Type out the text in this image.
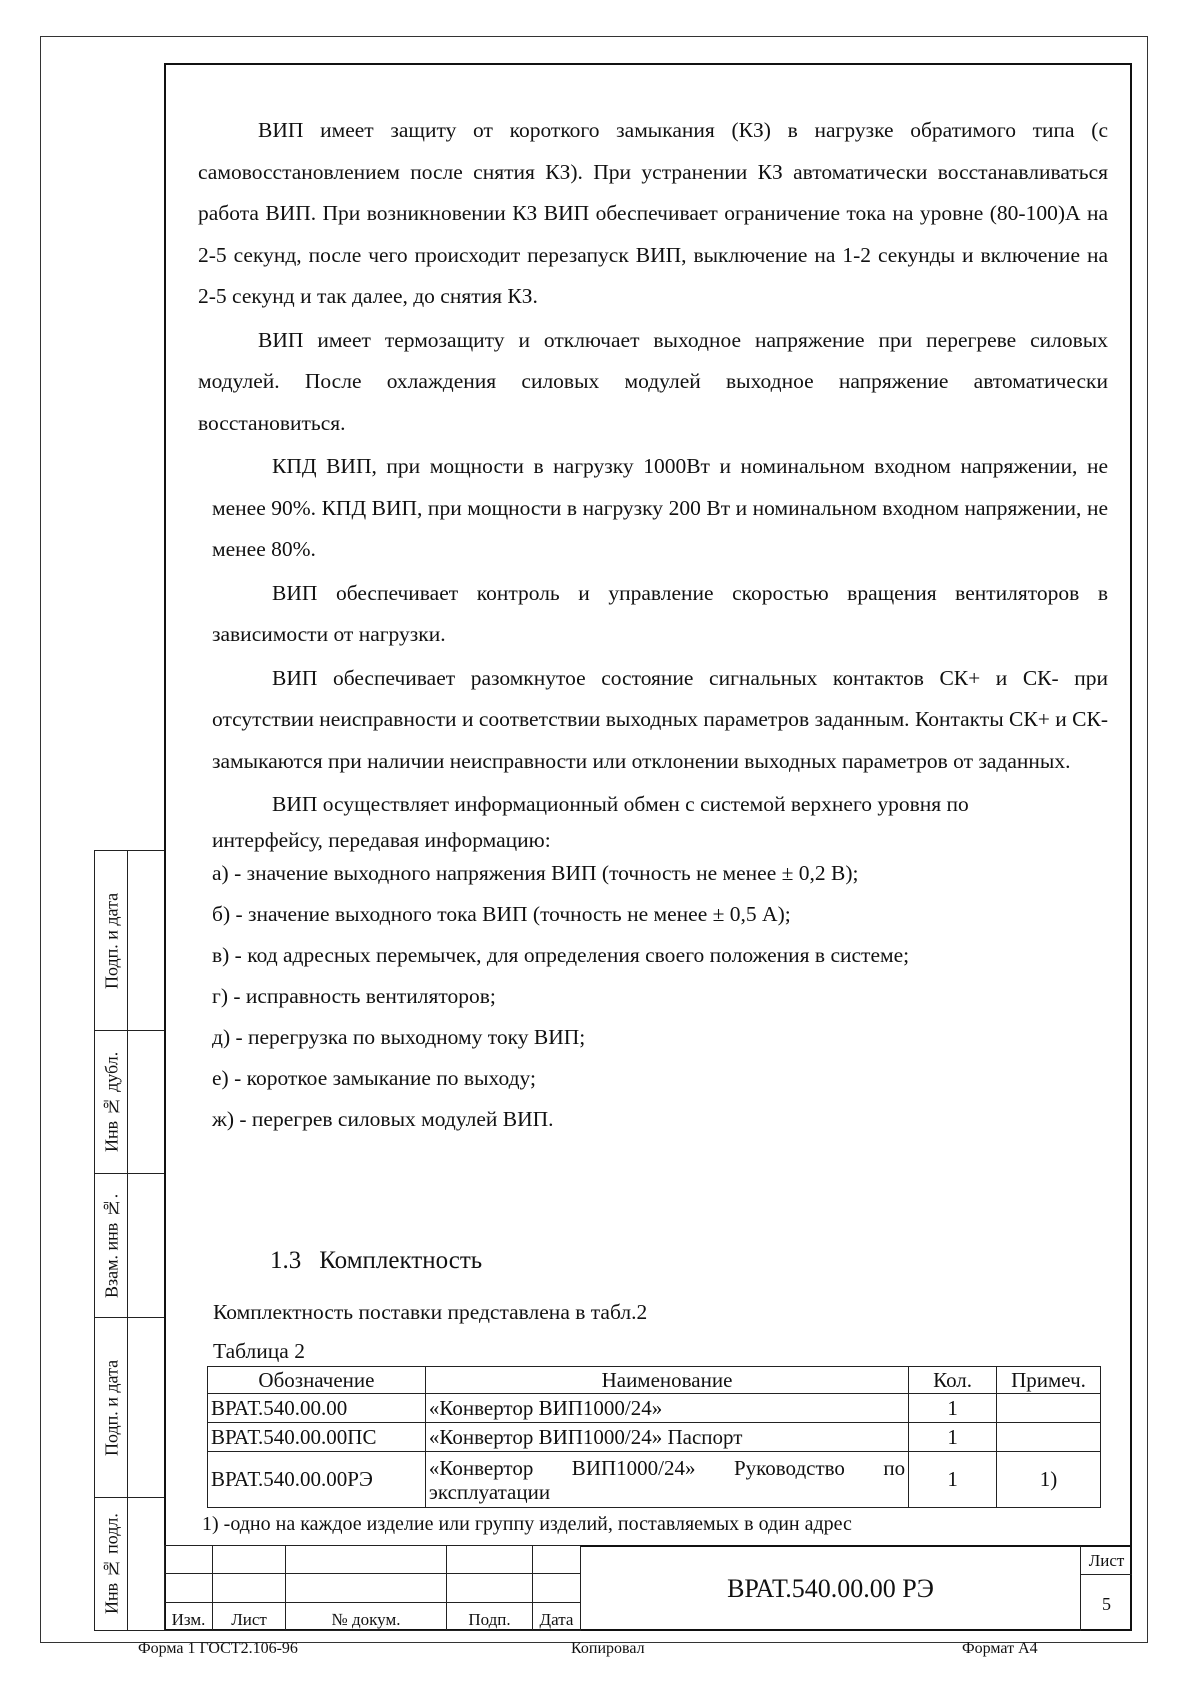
ВИП имеет защиту от короткого замыкания (КЗ) в нагрузке обратимого типа (с самовосстановлением после снятия КЗ). При устранении КЗ автоматически восстанавливаться работа ВИП. При возникновении КЗ ВИП обеспечивает ограничение тока на уровне (80-100)А на 2-5 секунд, после чего происходит перезапуск ВИП, выключение на 1-2 секунды и включение на 2-5 секунд и так далее, до снятия КЗ.

ВИП имеет термозащиту и отключает выходное напряжение при перегреве силовых модулей. После охлаждения силовых модулей выходное напряжение автоматически восстановиться.

КПД ВИП, при мощности в нагрузку 1000Вт и номинальном входном напряжении, не менее 90%. КПД ВИП, при мощности в нагрузку 200 Вт и номинальном входном напряжении, не менее 80%.

ВИП обеспечивает контроль и управление скоростью вращения вентиляторов в зависимости от нагрузки.

ВИП обеспечивает разомкнутое состояние сигнальных контактов СК+ и СК- при отсутствии неисправности и соответствии выходных параметров заданным. Контакты СК+ и СК- замыкаются при наличии неисправности или отклонении выходных параметров от заданных.

ВИП осуществляет информационный обмен с системой верхнего уровня по

интерфейсу, передавая информацию:
а) - значение выходного напряжения ВИП (точность не менее ± 0,2 В);
б) - значение выходного тока ВИП (точность не менее ± 0,5 А);
в) - код адресных перемычек, для определения своего положения в системе;
г) - исправность вентиляторов;
д) - перегрузка по выходному току ВИП;
е) - короткое замыкание по выходу;
ж) - перегрев силовых модулей ВИП.
1.3 Комплектность
Комплектность поставки представлена в табл.2
Таблица 2
Обозначение	Наименование	Кол.	Примеч.
ВРАТ.540.00.00	«Конвертор ВИП1000/24»	1	
ВРАТ.540.00.00ПС	«Конвертор ВИП1000/24» Паспорт	1	
ВРАТ.540.00.00РЭ	«Конвертор ВИП1000/24» Руководство по эксплуатации	1	1)
1) -одно на каждое изделие или группу изделий, поставляемых в один адрес
Подп. и дата
Инв № дубл.
Взам. инв №.
Подп. и дата
Инв № подл.

Изм.	Лист	№ докум.	Подп.	Дата
ВРАТ.540.00.00 РЭ
Лист
5
Форма 1 ГОСТ2.106-96	Копировал	Формат А4
